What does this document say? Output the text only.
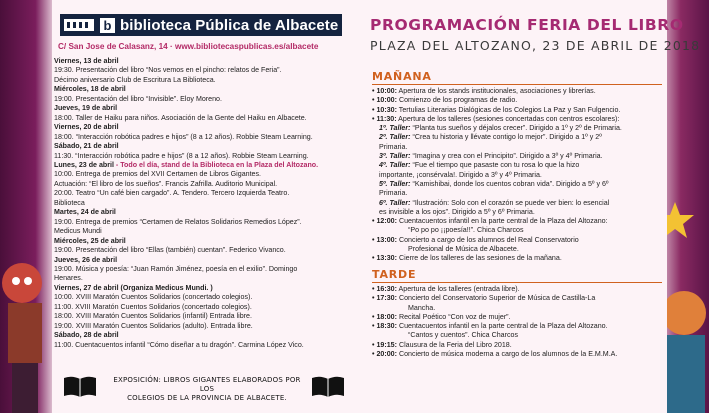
b biblioteca Pública de Albacete
C/ San Jose de Calasanz, 14 · www.bibliotecaspublicas.es/albacete
Viernes, 13 de abril
19:30. Presentación del libro “Nos vemos en el pincho: relatos de Feria”.
Décimo aniversario Club de Escritura La Biblioteca.
Miércoles, 18 de abril
19:00. Presentación del libro “Invisible”. Eloy Moreno.
Jueves, 19 de abril
18:00. Taller de Haiku para niños. Asociación de la Gente del Haiku en Albacete.
Viernes, 20 de abril
18:00. “Interacción robótica padres e hijos” (8 a 12 años). Robbie Steam Learning.
Sábado, 21 de abril
11:30. “Interacción robótica padre e hijos” (8 a 12 años). Robbie Steam Learning.
Lunes, 23 de abril - Todo el día, stand de la Biblioteca en la Plaza del Altozano.
10:00. Entrega de premios del XVII Certamen de Libros Gigantes.
Actuación: “El libro de los sueños”. Francis Zafrilla. Auditorio Municipal.
20:00. Teatro “Un café bien cargado”. A. Tendero. Tercero Izquierda Teatro.
Biblioteca
Martes, 24 de abril
19:00. Entrega de premios “Certamen de Relatos Solidarios Remedios López”.
Medicus Mundi
Miércoles, 25 de abril
19:00. Presentación del libro “Ellas (también) cuentan”. Federico Vivanco.
Jueves, 26 de abril
19:00. Música y poesía: “Juan Ramón Jiménez, poesía en el exilio”. Domingo
Henares.
Viernes, 27 de abril (Organiza Medicus Mundi. )
10:00. XVIII Maratón Cuentos Solidarios (concertado colegios).
11:00. XVIII Maratón Cuentos Solidarios (concertado colegios).
18:00. XVIII Maratón Cuentos Solidarios (infantil) Entrada libre.
19:00. XVIII Maratón Cuentos Solidarios (adulto). Entrada libre.
Sábado, 28 de abril
11:00. Cuentacuentos infantil “Cómo diseñar a tu dragón”. Carmina López Vico.
EXPOSICIÓN: LIBROS GIGANTES ELABORADOS POR LOS
COLEGIOS DE LA PROVINCIA DE ALBACETE.
PROGRAMACIÓN FERIA DEL LIBRO
PLAZA DEL ALTOZANO, 23 DE ABRIL DE 2018
MAÑANA
• 10:00: Apertura de los stands institucionales, asociaciones y librerías.
• 10:00: Comienzo de los programas de radio.
• 10:30: Tertulias Literarias Dialógicas de los Colegios La Paz y San Fulgencio.
• 11:30: Apertura de los talleres (sesiones concertadas con centros escolares):
1º. Taller: “Planta tus sueños y déjalos crecer”. Dirigido a 1º y 2º de Primaria.
2º. Taller: “Crea tu historia y llévate contigo lo mejor”. Dirigido a 1º y 2º
Primaria.
3º. Taller: “Imagina y crea con el Principito”. Dirigido a 3º y 4º Primaria.
4º. Taller: “Fue el tiempo que pasaste con tu rosa lo que la hizo
importante, ¡consérvala!. Dirigido a 3º y 4º Primaria.
5º. Taller: “Kamishibai, donde los cuentos cobran vida”. Dirigido a 5º y 6º
Primaria.
6º. Taller: “Ilustración: Solo con el corazón se puede ver bien: lo esencial
es invisible a los ojos”. Dirigido a 5º y 6º Primaria.
• 12:00: Cuentacuentos infantil en la parte central de la Plaza del Altozano:
“Po po po ¡¡poesía!!”. Chica Charcos
• 13:00: Concierto a cargo de los alumnos del Real Conservatorio
Profesional de Música de Albacete.
• 13:30: Cierre de los talleres de las sesiones de la mañana.
TARDE
• 16:30: Apertura de los talleres (entrada libre).
• 17:30: Concierto del Conservatorio Superior de Música de Castilla-La
Mancha.
• 18:00: Recital Poético “Con voz de mujer”.
• 18:30: Cuentacuentos infantil en la parte central de la Plaza del Altozano.
“Cantos y cuentos”. Chica Charcos
• 19:15: Clausura de la Feria del Libro 2018.
• 20:00: Concierto de música moderna a cargo de los alumnos de la E.M.M.A.
